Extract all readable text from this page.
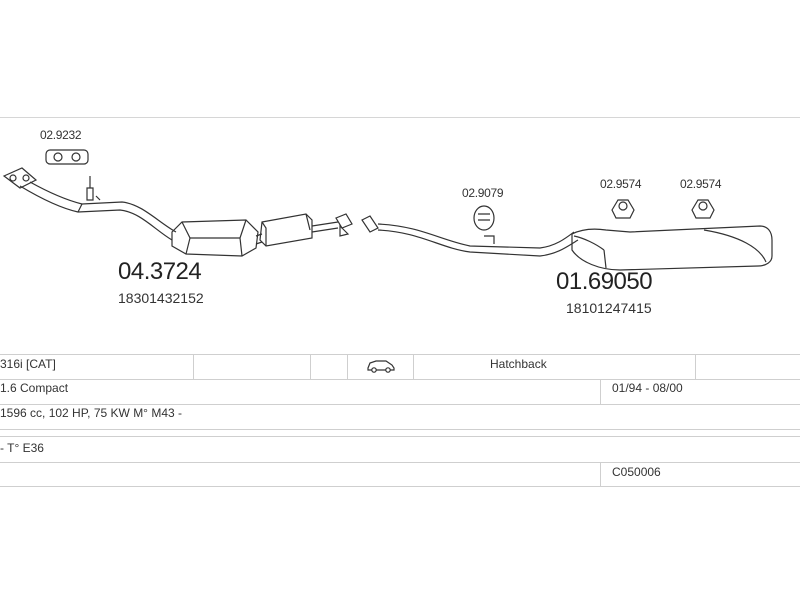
02.9232
04.3724
18301432152
02.9079
02.9574	02.9574
01.69050
18101247415
316i [CAT]	Hatchback
1.6 Compact	01/94 - 08/00
1596 cc, 102 HP, 75 KW M° M43 -
- T° E36
C050006
